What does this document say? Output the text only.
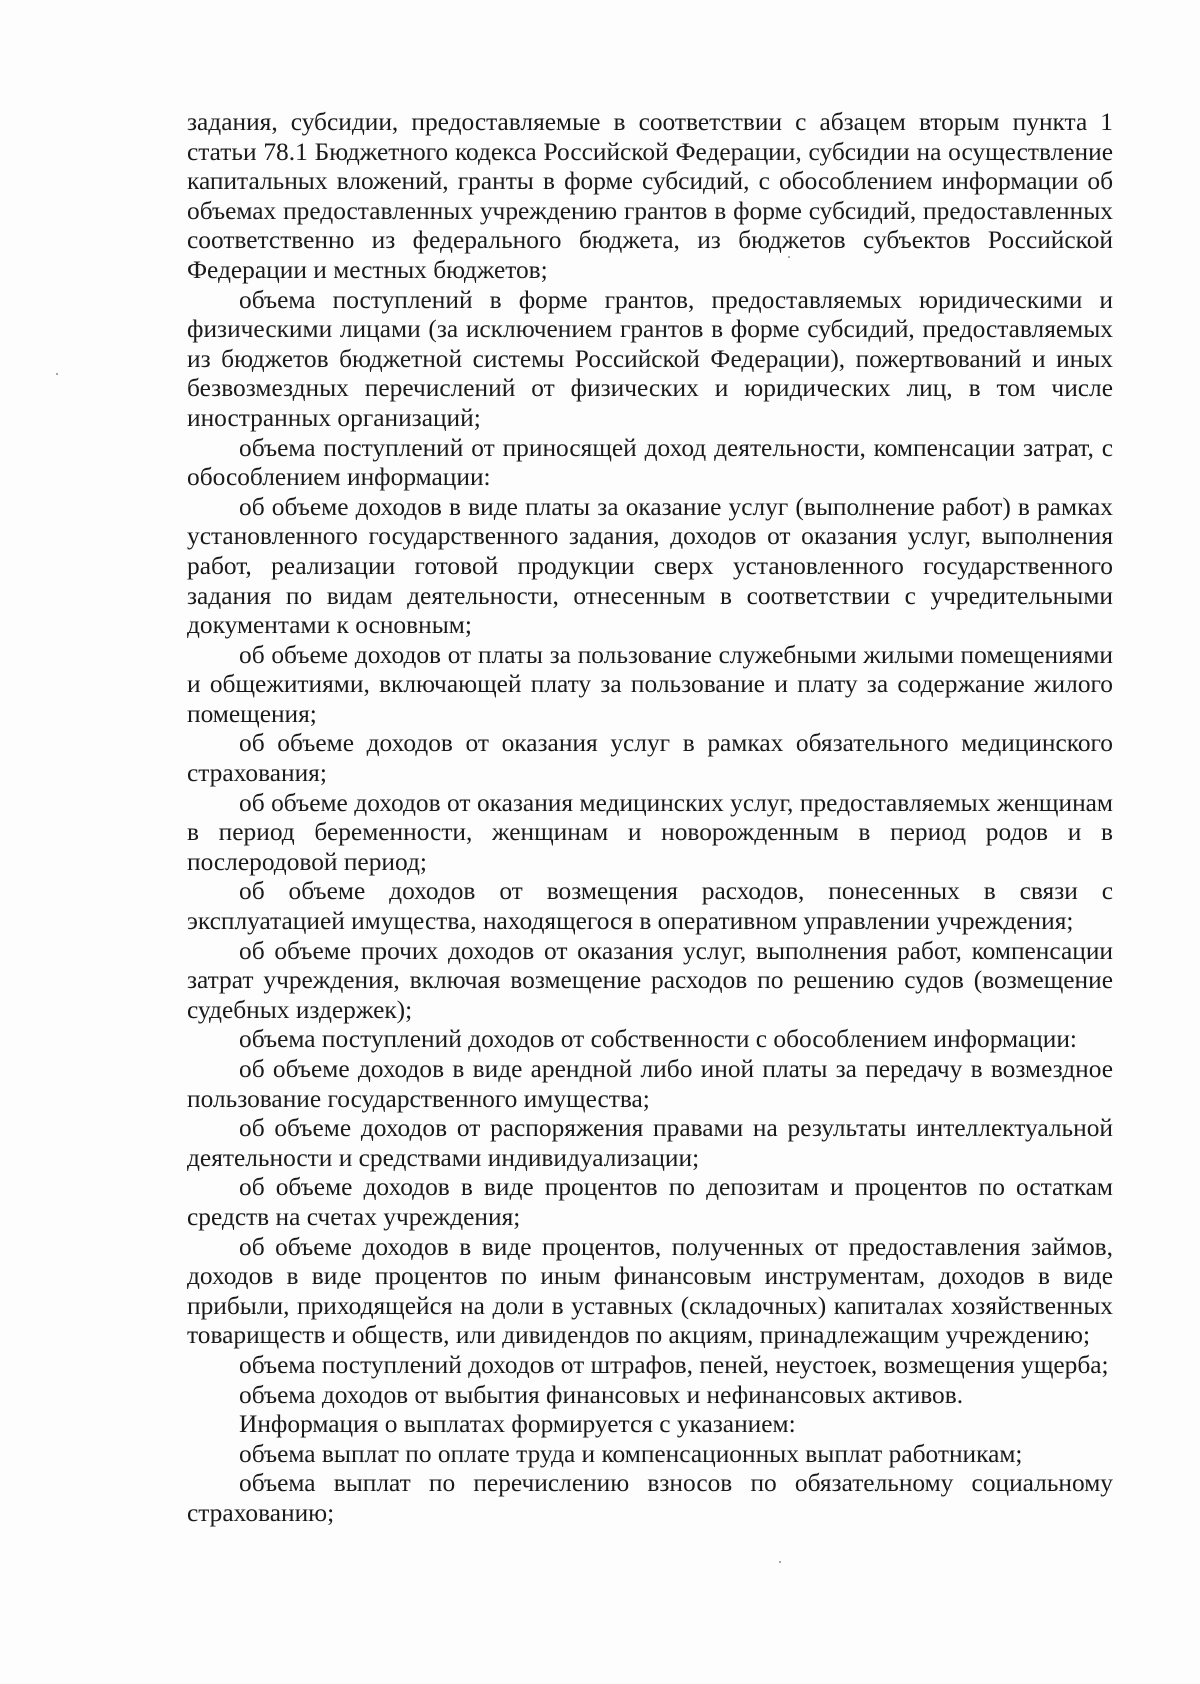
задания, субсидии, предоставляемые в соответствии с абзацем вторым пункта 1 статьи 78.1 Бюджетного кодекса Российской Федерации, субсидии на осуществление капитальных вложений, гранты в форме субсидий, с обособлением информации об объемах предоставленных учреждению грантов в форме субсидий, предоставленных соответственно из федерального бюджета, из бюджетов субъектов Российской Федерации и местных бюджетов;

объема поступлений в форме грантов, предоставляемых юридическими и физическими лицами (за исключением грантов в форме субсидий, предоставляемых из бюджетов бюджетной системы Российской Федерации), пожертвований и иных безвозмездных перечислений от физических и юридических лиц, в том числе иностранных организаций;

объема поступлений от приносящей доход деятельности, компенсации затрат, с обособлением информации:

об объеме доходов в виде платы за оказание услуг (выполнение работ) в рамках установленного государственного задания, доходов от оказания услуг, выполнения работ, реализации готовой продукции сверх установленного государственного задания по видам деятельности, отнесенным в соответствии с учредительными документами к основным;

об объеме доходов от платы за пользование служебными жилыми помещениями и общежитиями, включающей плату за пользование и плату за содержание жилого помещения;

об объеме доходов от оказания услуг в рамках обязательного медицинского страхования;

об объеме доходов от оказания медицинских услуг, предоставляемых женщинам в период беременности, женщинам и новорожденным в период родов и в послеродовой период;

об объеме доходов от возмещения расходов, понесенных в связи с эксплуатацией имущества, находящегося в оперативном управлении учреждения;

об объеме прочих доходов от оказания услуг, выполнения работ, компенсации затрат учреждения, включая возмещение расходов по решению судов (возмещение судебных издержек);

объема поступлений доходов от собственности с обособлением информации:

об объеме доходов в виде арендной либо иной платы за передачу в возмездное пользование государственного имущества;

об объеме доходов от распоряжения правами на результаты интеллектуальной деятельности и средствами индивидуализации;

об объеме доходов в виде процентов по депозитам и процентов по остаткам средств на счетах учреждения;

об объеме доходов в виде процентов, полученных от предоставления займов, доходов в виде процентов по иным финансовым инструментам, доходов в виде прибыли, приходящейся на доли в уставных (складочных) капиталах хозяйственных товариществ и обществ, или дивидендов по акциям, принадлежащим учреждению;

объема поступлений доходов от штрафов, пеней, неустоек, возмещения ущерба;

объема доходов от выбытия финансовых и нефинансовых активов.

Информация о выплатах формируется с указанием:

объема выплат по оплате труда и компенсационных выплат работникам;

объема выплат по перечислению взносов по обязательному социальному страхованию;
